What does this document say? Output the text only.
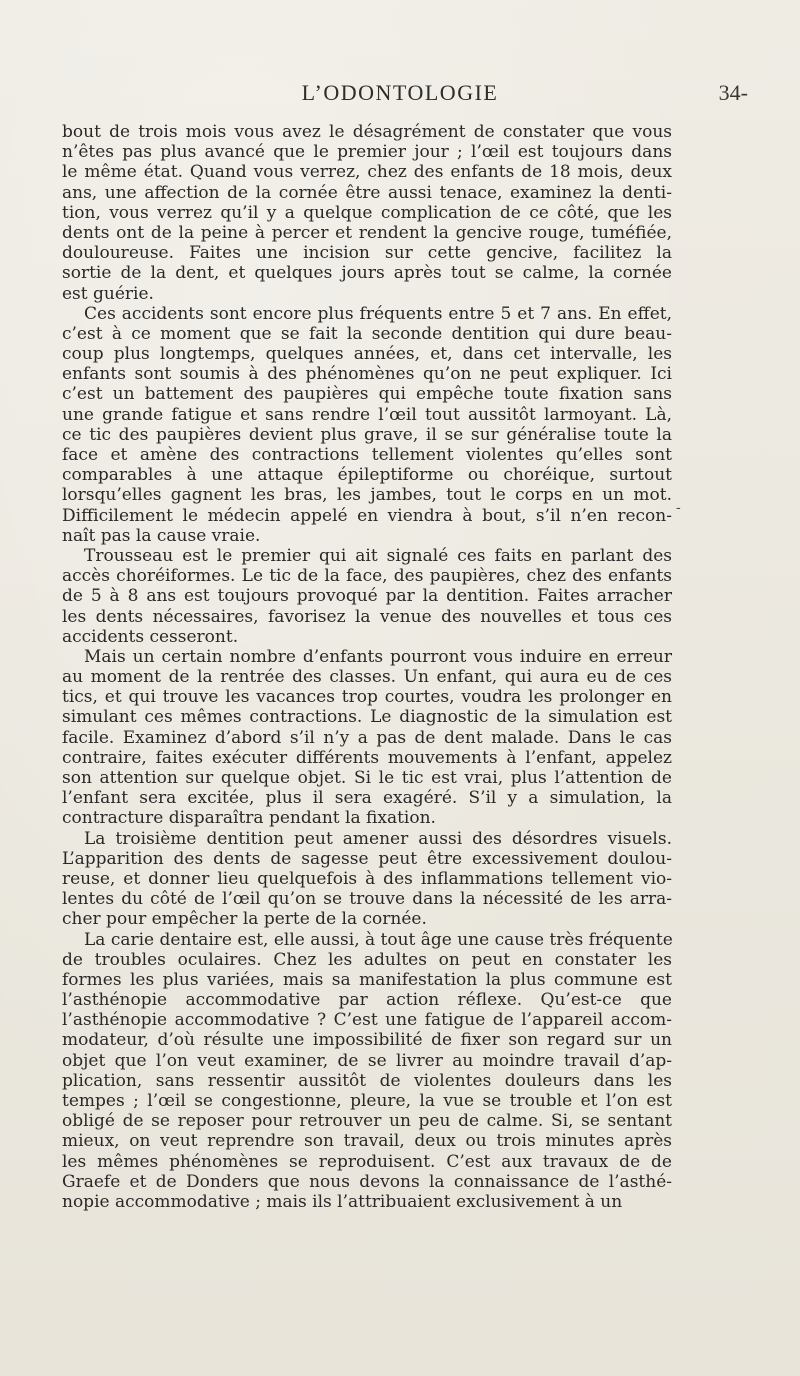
L’ODONTOLOGIE	34-
bout de trois mois vous avez le désagrément de constater que vous
n’êtes pas plus avancé que le premier jour ; l’œil est toujours dans
le même état. Quand vous verrez, chez des enfants de 18 mois, deux
ans, une affection de la cornée être aussi tenace, examinez la denti-
tion, vous verrez qu’il y a quelque complication de ce côté, que les
dents ont de la peine à percer et rendent la gencive rouge, tuméfiée,
douloureuse. Faites une incision sur cette gencive, facilitez la
sortie de la dent, et quelques jours après tout se calme, la cornée
est guérie.
Ces accidents sont encore plus fréquents entre 5 et 7 ans. En effet,
c’est à ce moment que se fait la seconde dentition qui dure beau-
coup plus longtemps, quelques années, et, dans cet intervalle, les
enfants sont soumis à des phénomènes qu’on ne peut expliquer. Ici
c’est un battement des paupières qui empêche toute fixation sans
une grande fatigue et sans rendre l’œil tout aussitôt larmoyant. Là,
ce tic des paupières devient plus grave, il se sur généralise toute la
face et amène des contractions tellement violentes qu’elles sont
comparables à une attaque épileptiforme ou choréique, surtout
lorsqu’elles gagnent les bras, les jambes, tout le corps en un mot.
Difficilement le médecin appelé en viendra à bout, s’il n’en recon-
naît pas la cause vraie.
Trousseau est le premier qui ait signalé ces faits en parlant des
accès choréiformes. Le tic de la face, des paupières, chez des enfants
de 5 à 8 ans est toujours provoqué par la dentition. Faites arracher
les dents nécessaires, favorisez la venue des nouvelles et tous ces
accidents cesseront.
Mais un certain nombre d’enfants pourront vous induire en erreur
au moment de la rentrée des classes. Un enfant, qui aura eu de ces
tics, et qui trouve les vacances trop courtes, voudra les prolonger en
simulant ces mêmes contractions. Le diagnostic de la simulation est
facile. Examinez d’abord s’il n’y a pas de dent malade. Dans le cas
contraire, faites exécuter différents mouvements à l’enfant, appelez
son attention sur quelque objet. Si le tic est vrai, plus l’attention de
l’enfant sera excitée, plus il sera exagéré. S’il y a simulation, la
contracture disparaîtra pendant la fixation.
La troisième dentition peut amener aussi des désordres visuels.
L’apparition des dents de sagesse peut être excessivement doulou-
reuse, et donner lieu quelquefois à des inflammations tellement vio-
lentes du côté de l’œil qu’on se trouve dans la nécessité de les arra-
cher pour empêcher la perte de la cornée.
La carie dentaire est, elle aussi, à tout âge une cause très fréquente
de troubles oculaires. Chez les adultes on peut en constater les
formes les plus variées, mais sa manifestation la plus commune est
l’asthénopie accommodative par action réflexe. Qu’est-ce que
l’asthénopie accommodative ? C’est une fatigue de l’appareil accom-
modateur, d’où résulte une impossibilité de fixer son regard sur un
objet que l’on veut examiner, de se livrer au moindre travail d’ap-
plication, sans ressentir aussitôt de violentes douleurs dans les
tempes ; l’œil se congestionne, pleure, la vue se trouble et l’on est
obligé de se reposer pour retrouver un peu de calme. Si, se sentant
mieux, on veut reprendre son travail, deux ou trois minutes après
les mêmes phénomènes se reproduisent. C’est aux travaux de de
Graefe et de Donders que nous devons la connaissance de l’asthé-
nopie accommodative ; mais ils l’attribuaient exclusivement à un
-
